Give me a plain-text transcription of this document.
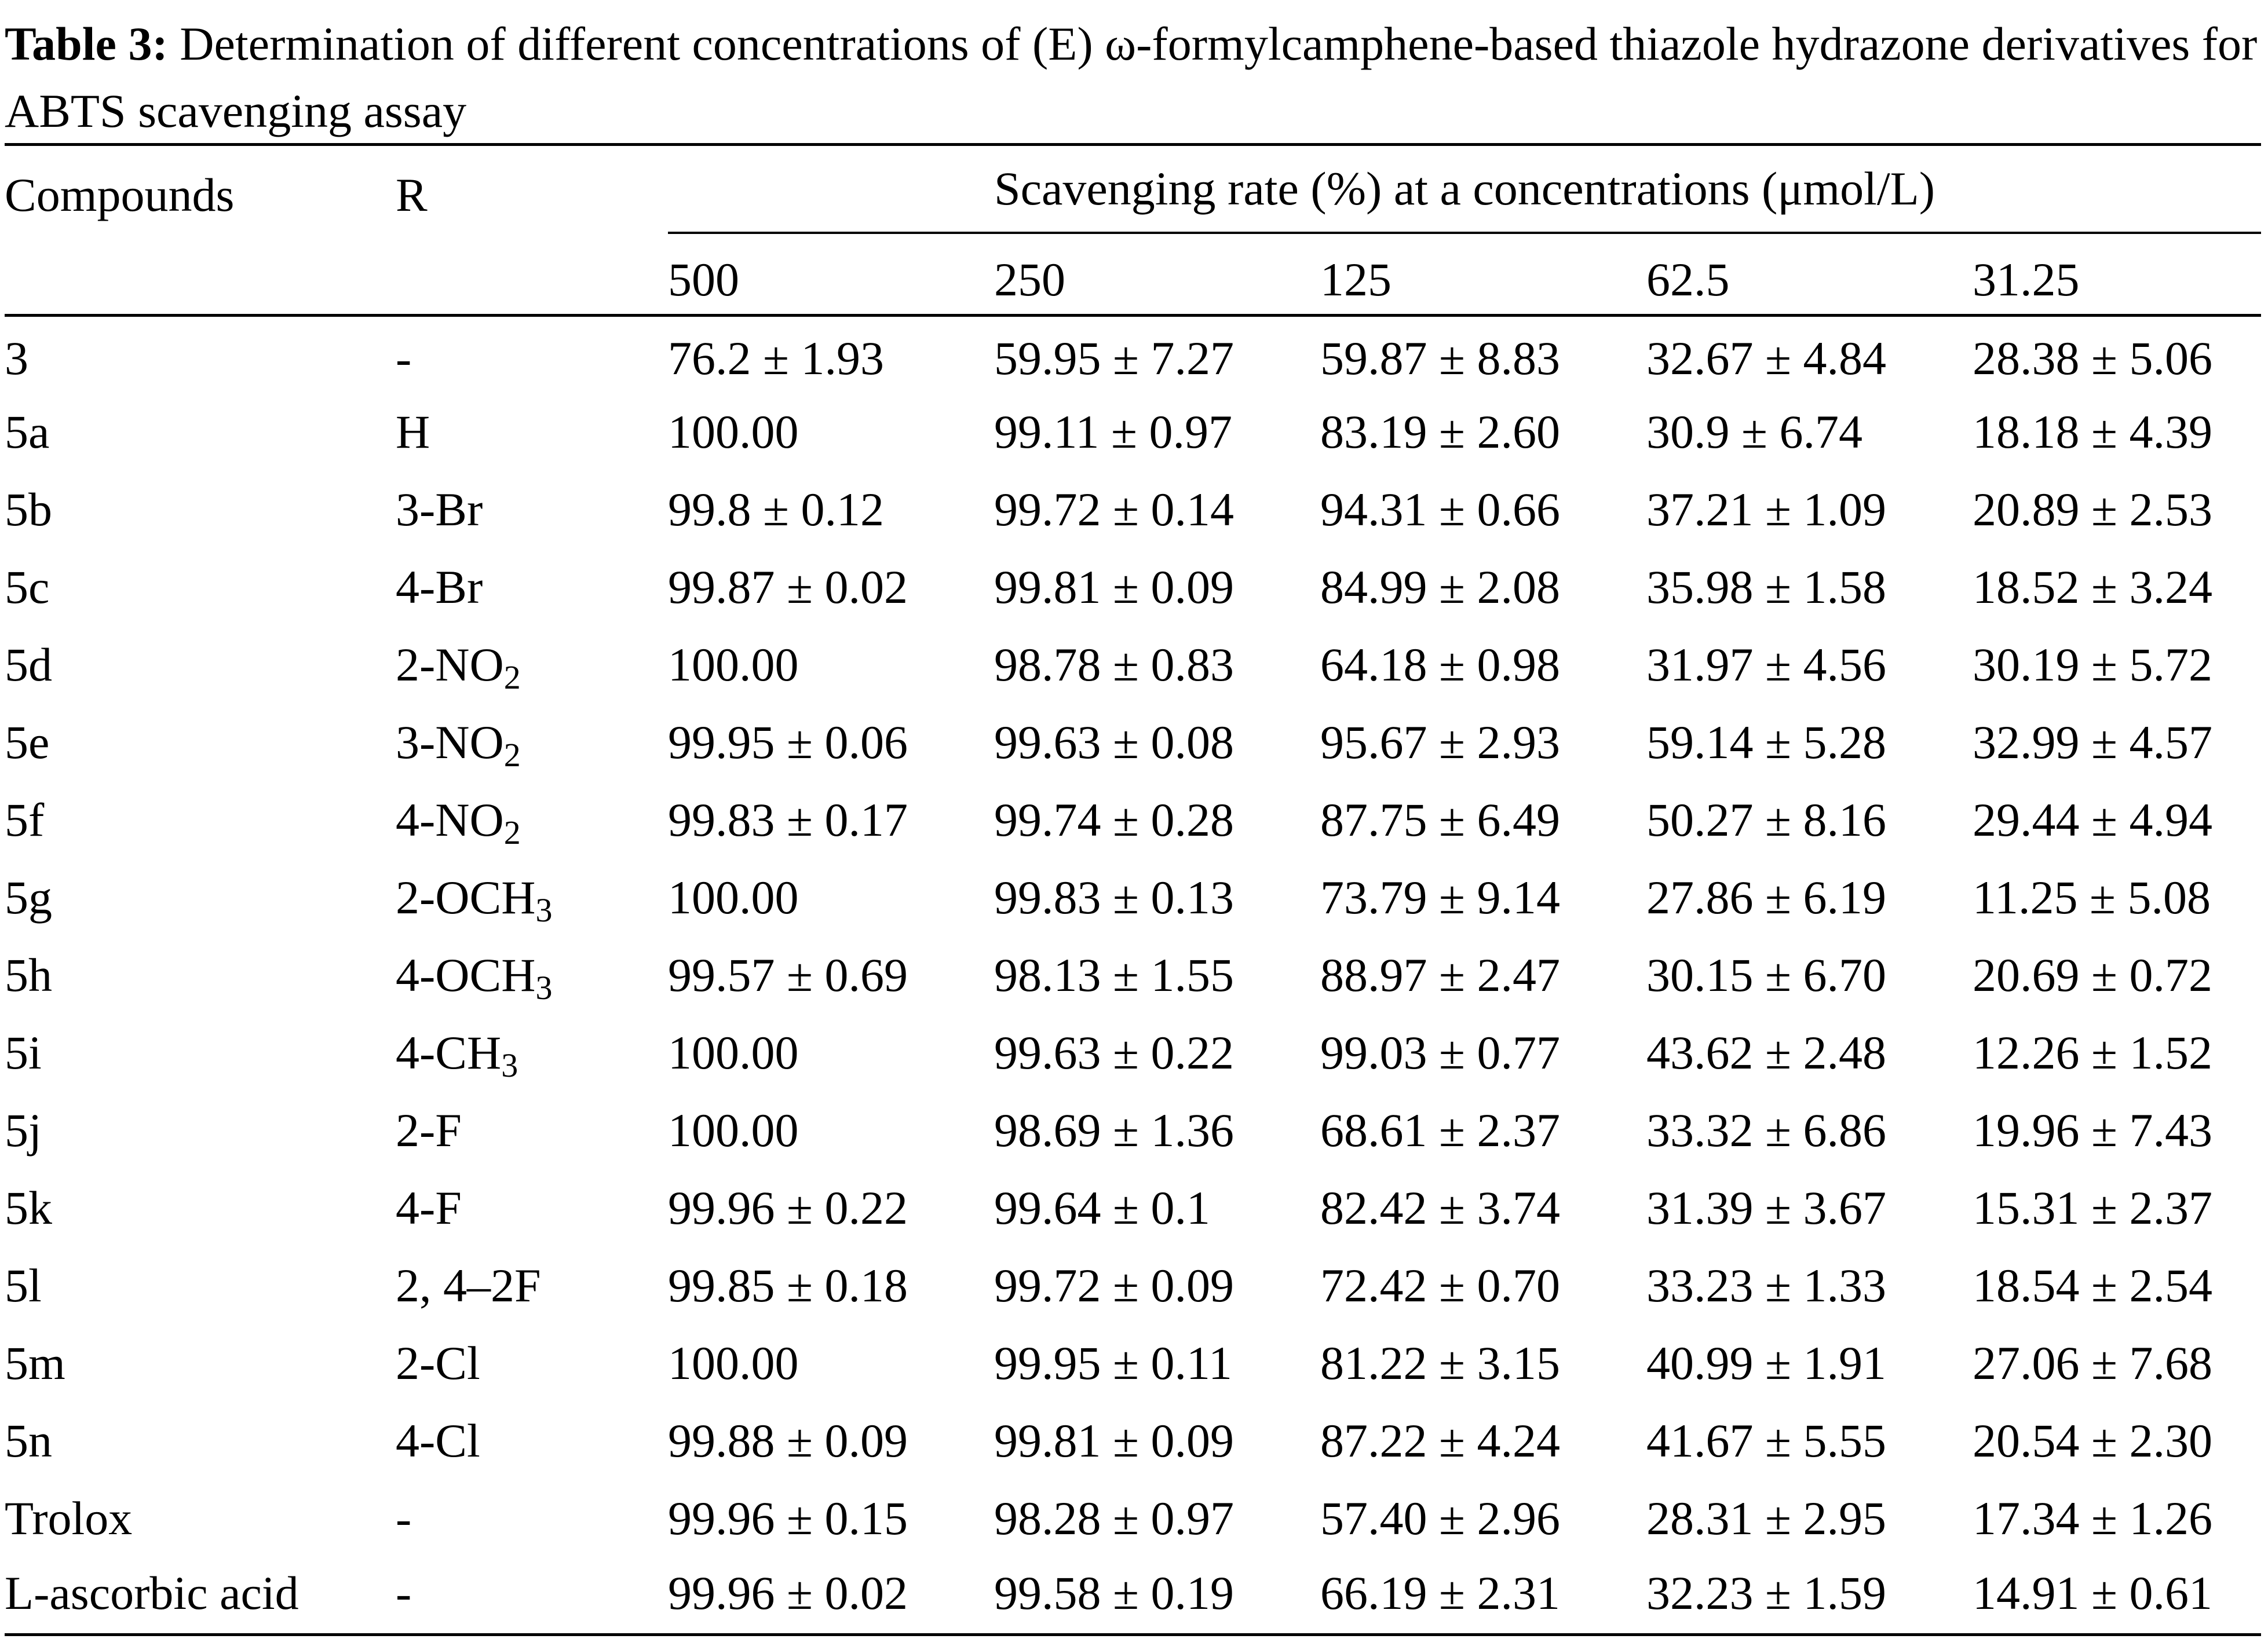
Table 3: Determination of different concentrations of (E) ω-formylcamphene-based thiazole hydrazone derivatives for ABTS scavenging assay
Compounds	R	Scavenging rate (%) at a concentrations (μmol/L)				
		500	250	125	62.5	31.25
3	-	76.2 ± 1.93	59.95 ± 7.27	59.87 ± 8.83	32.67 ± 4.84	28.38 ± 5.06
5a	H	100.00	99.11 ± 0.97	83.19 ± 2.60	30.9 ± 6.74	18.18 ± 4.39
5b	3-Br	99.8 ± 0.12	99.72 ± 0.14	94.31 ± 0.66	37.21 ± 1.09	20.89 ± 2.53
5c	4-Br	99.87 ± 0.02	99.81 ± 0.09	84.99 ± 2.08	35.98 ± 1.58	18.52 ± 3.24
5d	$2-NO_2$	100.00	98.78 ± 0.83	64.18 ± 0.98	31.97 ± 4.56	30.19 ± 5.72
5e	$3-NO_2$	99.95 ± 0.06	99.63 ± 0.08	95.67 ± 2.93	59.14 ± 5.28	32.99 ± 4.57
5f	$4-NO_2$	99.83 ± 0.17	99.74 ± 0.28	87.75 ± 6.49	50.27 ± 8.16	29.44 ± 4.94
5g	$2-OCH_3$	100.00	99.83 ± 0.13	73.79 ± 9.14	27.86 ± 6.19	11.25 ± 5.08
5h	$4-OCH_3$	99.57 ± 0.69	98.13 ± 1.55	88.97 ± 2.47	30.15 ± 6.70	20.69 ± 0.72
5i	$4-CH_3$	100.00	99.63 ± 0.22	99.03 ± 0.77	43.62 ± 2.48	12.26 ± 1.52
5j	2-F	100.00	98.69 ± 1.36	68.61 ± 2.37	33.32 ± 6.86	19.96 ± 7.43
5k	4-F	99.96 ± 0.22	99.64 ± 0.1	82.42 ± 3.74	31.39 ± 3.67	15.31 ± 2.37
5l	2, 4–2F	99.85 ± 0.18	99.72 ± 0.09	72.42 ± 0.70	33.23 ± 1.33	18.54 ± 2.54
5m	2-Cl	100.00	99.95 ± 0.11	81.22 ± 3.15	40.99 ± 1.91	27.06 ± 7.68
5n	4-Cl	99.88 ± 0.09	99.81 ± 0.09	87.22 ± 4.24	41.67 ± 5.55	20.54 ± 2.30
Trolox	-	99.96 ± 0.15	98.28 ± 0.97	57.40 ± 2.96	28.31 ± 2.95	17.34 ± 1.26
L-ascorbic acid	-	99.96 ± 0.02	99.58 ± 0.19	66.19 ± 2.31	32.23 ± 1.59	14.91 ± 0.61
